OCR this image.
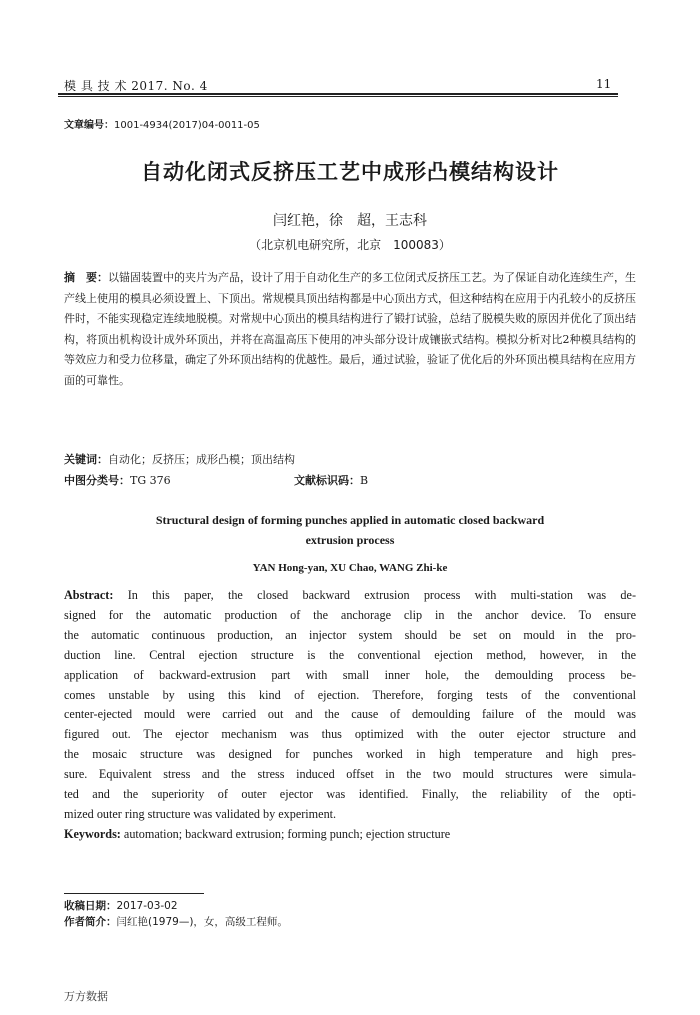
模 具 技 术 2017. No. 4	11
文章编号：1001-4934(2017)04-0011-05
自动化闭式反挤压工艺中成形凸模结构设计
闫红艳，徐　超，王志科
（北京机电研究所，北京　100083）
摘　要：以锚固装置中的夹片为产品，设计了用于自动化生产的多工位闭式反挤压工艺。为了保证自动化连续生产，生产线上使用的模具必须设置上、下顶出。常规模具顶出结构都是中心顶出方式，但这种结构在应用于内孔较小的反挤压件时，不能实现稳定连续地脱模。对常规中心顶出的模具结构进行了锻打试验，总结了脱模失败的原因并优化了顶出结构，将顶出机构设计成外环顶出，并将在高温高压下使用的冲头部分设计成镶嵌式结构。模拟分析对比2种模具结构的等效应力和受力位移量，确定了外环顶出结构的优越性。最后，通过试验，验证了优化后的外环顶出模具结构在应用方面的可靠性。
关键词：自动化；反挤压；成形凸模；顶出结构
中图分类号：TG 376	文献标识码：B
Structural design of forming punches applied in automatic closed backward
extrusion process
YAN Hong-yan, XU Chao, WANG Zhi-ke
Abstract: In this paper, the closed backward extrusion process with multi-station was de-
signed for the automatic production of the anchorage clip in the anchor device. To ensure
the automatic continuous production, an injector system should be set on mould in the pro-
duction line. Central ejection structure is the conventional ejection method, however, in the
application of backward-extrusion part with small inner hole, the demoulding process be-
comes unstable by using this kind of ejection. Therefore, forging tests of the conventional
center-ejected mould were carried out and the cause of demoulding failure of the mould was
figured out. The ejector mechanism was thus optimized with the outer ejector structure and
the mosaic structure was designed for punches worked in high temperature and high pres-
sure. Equivalent stress and the stress induced offset in the two mould structures were simula-
ted and the superiority of outer ejector was identified. Finally, the reliability of the opti-
mized outer ring structure was validated by experiment.
Keywords: automation; backward extrusion; forming punch; ejection structure
收稿日期：2017-03-02
作者简介：闫红艳(1979—)，女，高级工程师。
万方数据
